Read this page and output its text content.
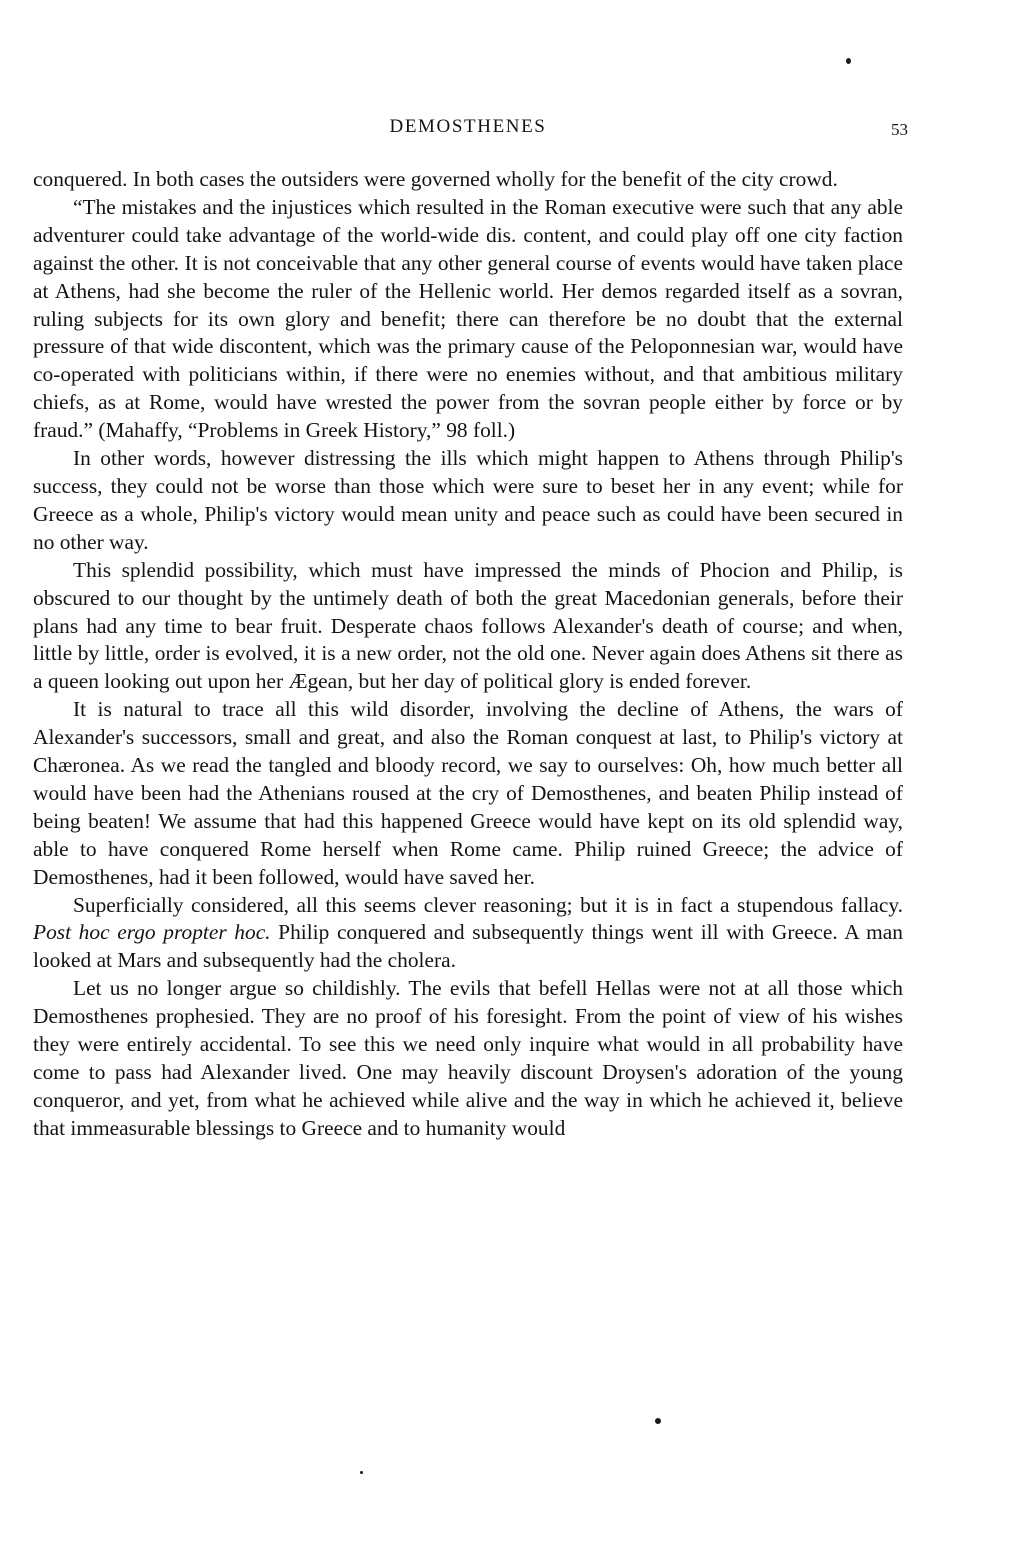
DEMOSTHENES	53

conquered. In both cases the outsiders were governed wholly for the benefit of the city crowd.

“The mistakes and the injustices which resulted in the Roman executive were such that any able adventurer could take advantage of the world-wide dis. content, and could play off one city faction against the other. It is not conceivable that any other general course of events would have taken place at Athens, had she become the ruler of the Hellenic world. Her demos regarded itself as a sovran, ruling subjects for its own glory and benefit; there can therefore be no doubt that the external pressure of that wide discontent, which was the primary cause of the Peloponnesian war, would have co-operated with politicians within, if there were no enemies without, and that ambitious military chiefs, as at Rome, would have wrested the power from the sovran people either by force or by fraud.” (Mahaffy, “Problems in Greek History,” 98 foll.)

In other words, however distressing the ills which might happen to Athens through Philip's success, they could not be worse than those which were sure to beset her in any event; while for Greece as a whole, Philip's victory would mean unity and peace such as could have been secured in no other way.

This splendid possibility, which must have impressed the minds of Phocion and Philip, is obscured to our thought by the untimely death of both the great Macedonian generals, before their plans had any time to bear fruit. Desperate chaos follows Alexander's death of course; and when, little by little, order is evolved, it is a new order, not the old one. Never again does Athens sit there as a queen looking out upon her Ægean, but her day of political glory is ended forever.

It is natural to trace all this wild disorder, involving the decline of Athens, the wars of Alexander's successors, small and great, and also the Roman conquest at last, to Philip's victory at Chæronea. As we read the tangled and bloody record, we say to ourselves: Oh, how much better all would have been had the Athenians roused at the cry of Demosthenes, and beaten Philip instead of being beaten! We assume that had this happened Greece would have kept on its old splendid way, able to have conquered Rome herself when Rome came. Philip ruined Greece; the advice of Demosthenes, had it been followed, would have saved her.

Superficially considered, all this seems clever reasoning; but it is in fact a stupendous fallacy. Post hoc ergo propter hoc. Philip conquered and subsequently things went ill with Greece. A man looked at Mars and subsequently had the cholera.

Let us no longer argue so childishly. The evils that befell Hellas were not at all those which Demosthenes prophesied. They are no proof of his foresight. From the point of view of his wishes they were entirely accidental. To see this we need only inquire what would in all probability have come to pass had Alexander lived. One may heavily discount Droysen's adoration of the young conqueror, and yet, from what he achieved while alive and the way in which he achieved it, believe that immeasurable blessings to Greece and to humanity would
